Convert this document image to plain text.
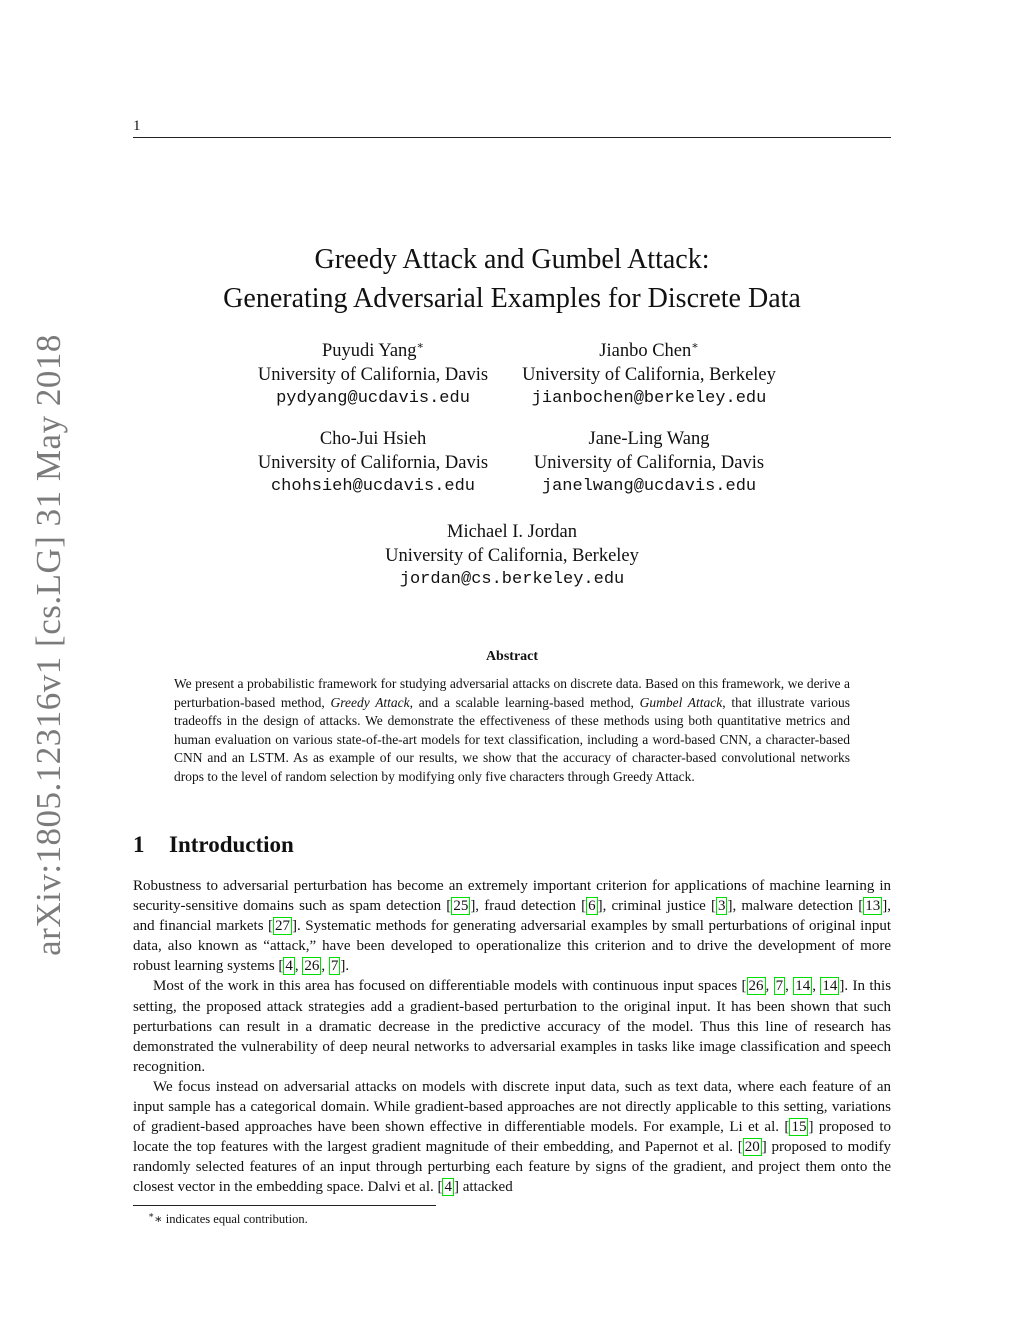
1
arXiv:1805.12316v1 [cs.LG] 31 May 2018
Greedy Attack and Gumbel Attack:
Generating Adversarial Examples for Discrete Data
Puyudi Yang∗
University of California, Davis
pydyang@ucdavis.edu
Jianbo Chen∗
University of California, Berkeley
jianbochen@berkeley.edu
Cho-Jui Hsieh
University of California, Davis
chohsieh@ucdavis.edu
Jane-Ling Wang
University of California, Davis
janelwang@ucdavis.edu
Michael I. Jordan
University of California, Berkeley
jordan@cs.berkeley.edu
Abstract
We present a probabilistic framework for studying adversarial attacks on discrete data. Based on this framework, we derive a perturbation-based method, Greedy Attack, and a scalable learning-based method, Gumbel Attack, that illustrate various tradeoffs in the design of attacks. We demonstrate the effectiveness of these methods using both quantitative metrics and human evaluation on various state-of-the-art models for text classification, including a word-based CNN, a character-based CNN and an LSTM. As as example of our results, we show that the accuracy of character-based convolutional networks drops to the level of random selection by modifying only five characters through Greedy Attack.
1 Introduction

Robustness to adversarial perturbation has become an extremely important criterion for applications of machine learning in security-sensitive domains such as spam detection [ 25 ], fraud detection [ 6 ], criminal justice [ 3 ], malware detection [ 13 ], and financial markets [ 27 ]. Systematic methods for generating adversarial examples by small perturbations of original input data, also known as “attack,” have been developed to operationalize this criterion and to drive the development of more robust learning systems [ 4 , 26 , 7 ].

Most of the work in this area has focused on differentiable models with continuous input spaces [ 26 , 7 , 14 , 14 ]. In this setting, the proposed attack strategies add a gradient-based perturbation to the original input. It has been shown that such perturbations can result in a dramatic decrease in the predictive accuracy of the model. Thus this line of research has demonstrated the vulnerability of deep neural networks to adversarial examples in tasks like image classification and speech recognition.

We focus instead on adversarial attacks on models with discrete input data, such as text data, where each feature of an input sample has a categorical domain. While gradient-based approaches are not directly applicable to this setting, variations of gradient-based approaches have been shown effective in differentiable models. For example, Li et al. [ 15 ] proposed to locate the top features with the largest gradient magnitude of their embedding, and Papernot et al. [ 20 ] proposed to modify randomly selected features of an input through perturbing each feature by signs of the gradient, and project them onto the closest vector in the embedding space. Dalvi et al. [ 4 ] attacked

∗∗ indicates equal contribution.
